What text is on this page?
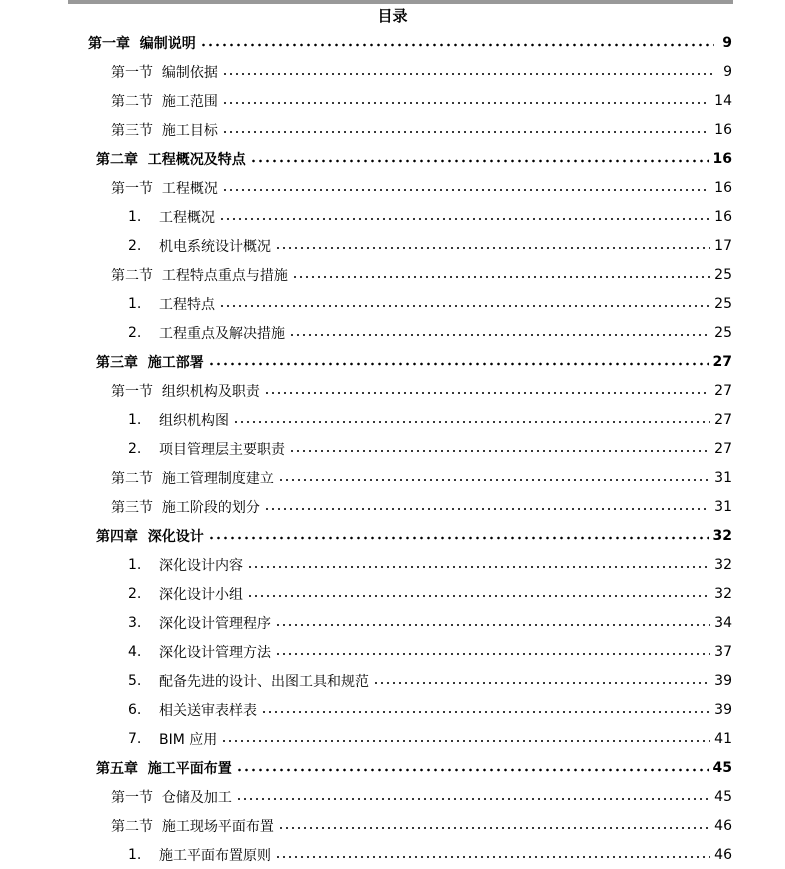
目录
第一章  编制说明	9
第一节  编制依据	9
第二节  施工范围	14
第三节  施工目标	16
第二章  工程概况及特点	16
第一节  工程概况	16
1.	工程概况	16
2.	机电系统设计概况	17
第二节  工程特点重点与措施	25
1.	工程特点	25
2.	工程重点及解决措施	25
第三章  施工部署	27
第一节  组织机构及职责	27
1.	组织机构图	27
2.	项目管理层主要职责	27
第二节  施工管理制度建立	31
第三节  施工阶段的划分	31
第四章  深化设计	32
1.	深化设计内容	32
2.	深化设计小组	32
3.	深化设计管理程序	34
4.	深化设计管理方法	37
5.	配备先进的设计、出图工具和规范	39
6.	相关送审表样表	39
7.	BIM 应用	41
第五章  施工平面布置	45
第一节  仓储及加工	45
第二节  施工现场平面布置	46
1.	施工平面布置原则	46
